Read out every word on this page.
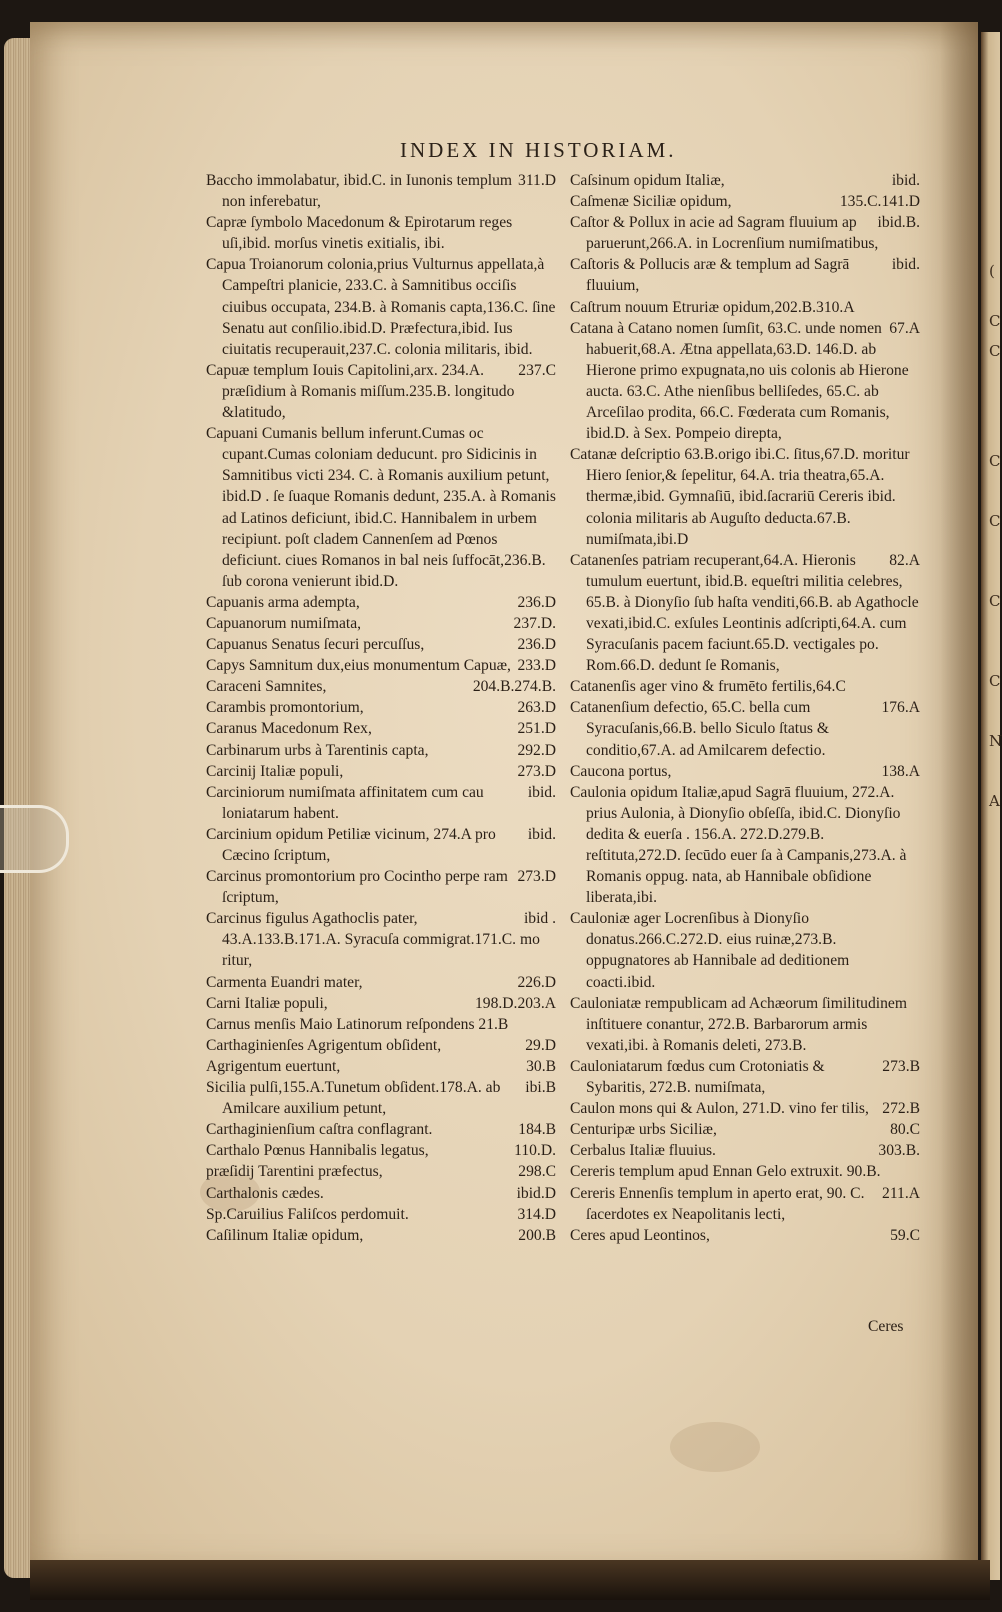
(
C
C
C
C
C
C
N
A
INDEX IN HISTORIAM.

311.D
Baccho immolabatur, ibid.C. in Iunonis templum non inferebatur,

Capræ ſymbolo Macedonum & Epirotarum reges uſi,ibid. morſus vinetis exitialis, ibi.

Capua Troianorum colonia,prius Vulturnus appellata,à Campeſtri planicie, 233.C. à Samnitibus occiſis ciuibus occupata, 234.B. à Romanis capta,136.C. ſine Senatu aut conſilio.ibid.D. Præfectura,ibid. Ius ciuitatis recuperauit,237.C. colonia militaris, ibid.

237.C
Capuæ templum Iouis Capitolini,arx. 234.A. præſidium à Romanis miſſum.235.B. longitudo &latitudo,

Capuani Cumanis bellum inferunt.Cumas oc cupant.Cumas coloniam deducunt. pro Sidicinis in Samnitibus victi 234. C. à Romanis auxilium petunt, ibid.D . ſe ſuaque Romanis dedunt, 235.A. à Romanis ad Latinos deficiunt, ibid.C. Hannibalem in urbem recipiunt. poſt cladem Cannenſem ad Pœnos deficiunt. ciues Romanos in bal neis ſuffocāt,236.B. ſub corona venierunt ibid.D.

236.D
Capuanis arma adempta,

237.D.
Capuanorum numiſmata,

236.D
Capuanus Senatus ſecuri percuſſus,

233.D
Capys Samnitum dux,eius monumentum Capuæ,

204.B.274.B.
Caraceni Samnites,

263.D
Carambis promontorium,

251.D
Caranus Macedonum Rex,

292.D
Carbinarum urbs à Tarentinis capta,

273.D
Carcinij Italiæ populi,

ibid.
Carciniorum numiſmata affinitatem cum cau loniatarum habent.

ibid.
Carcinium opidum Petiliæ vicinum, 274.A pro Cæcino ſcriptum,

273.D
Carcinus promontorium pro Cocintho perpe ram ſcriptum,

ibid .
Carcinus figulus Agathoclis pater, 43.A.133.B.171.A. Syracuſa commigrat.171.C. mo ritur,

226.D
Carmenta Euandri mater,

198.D.203.A
Carni Italiæ populi,

Carnus menſis Maio Latinorum reſpondens 21.B

29.D
Carthaginienſes Agrigentum obſident,

30.B
Agrigentum euertunt,

ibi.B
Sicilia pulſi,155.A.Tunetum obſident.178.A. ab Amilcare auxilium petunt,

184.B
Carthaginienſium caſtra conflagrant.

110.D.
Carthalo Pœnus Hannibalis legatus,

298.C
præſidij Tarentini præfectus,

ibid.D
Carthalonis cædes.

314.D
Sp.Caruilius Faliſcos perdomuit.

200.B
Caſilinum Italiæ opidum,

ibid.
Caſsinum opidum Italiæ,

135.C.141.D
Caſmenæ Siciliæ opidum,

ibid.B.
Caſtor & Pollux in acie ad Sagram fluuium ap paruerunt,266.A. in Locrenſium numiſmatibus,

ibid.
Caſtoris & Pollucis aræ & templum ad Sagrā fluuium,

Caſtrum nouum Etruriæ opidum,202.B.310.A

67.A
Catana à Catano nomen ſumſit, 63.C. unde nomen habuerit,68.A. Ætna appellata,63.D. 146.D. ab Hierone primo expugnata,no uis colonis ab Hierone aucta. 63.C. Athe nienſibus belliſedes, 65.C. ab Arceſilao prodita, 66.C. Fœderata cum Romanis, ibid.D. à Sex. Pompeio direpta,

Catanæ deſcriptio 63.B.origo ibi.C. ſitus,67.D. moritur Hiero ſenior,& ſepelitur, 64.A. tria theatra,65.A. thermæ,ibid. Gymnaſiū, ibid.ſacrariū Cereris ibid. colonia militaris ab Auguſto deducta.67.B. numiſmata,ibi.D

82.A
Catanenſes patriam recuperant,64.A. Hieronis tumulum euertunt, ibid.B. equeſtri militia celebres, 65.B. à Dionyſio ſub haſta venditi,66.B. ab Agathocle vexati,ibid.C. exſules Leontinis adſcripti,64.A. cum Syracuſanis pacem faciunt.65.D. vectigales po. Rom.66.D. dedunt ſe Romanis,

Catanenſis ager vino & frumēto fertilis,64.C

176.A
Catanenſium defectio, 65.C. bella cum Syracuſanis,66.B. bello Siculo ſtatus & conditio,67.A. ad Amilcarem defectio.

138.A
Caucona portus,

Caulonia opidum Italiæ,apud Sagrā fluuium, 272.A. prius Aulonia, à Dionyſio obſeſſa, ibid.C. Dionyſio dedita & euerſa . 156.A. 272.D.279.B. reſtituta,272.D. ſecūdo euer ſa à Campanis,273.A. à Romanis oppug. nata, ab Hannibale obſidione liberata,ibi.

Cauloniæ ager Locrenſibus à Dionyſio donatus.266.C.272.D. eius ruinæ,273.B. oppugnatores ab Hannibale ad deditionem coacti.ibid.

Cauloniatæ rempublicam ad Achæorum ſimilitudinem inſtituere conantur, 272.B. Barbarorum armis vexati,ibi. à Romanis deleti, 273.B.

273.B
Cauloniatarum fœdus cum Crotoniatis & Sybaritis, 272.B. numiſmata,

272.B
Caulon mons qui & Aulon, 271.D. vino fer tilis,

80.C
Centuripæ urbs Siciliæ,

303.B.
Cerbalus Italiæ fluuius.

Cereris templum apud Ennan Gelo extruxit. 90.B.

211.A
Cereris Ennenſis templum in aperto erat, 90. C. ſacerdotes ex Neapolitanis lecti,

59.C
Ceres apud Leontinos,

Ceres
